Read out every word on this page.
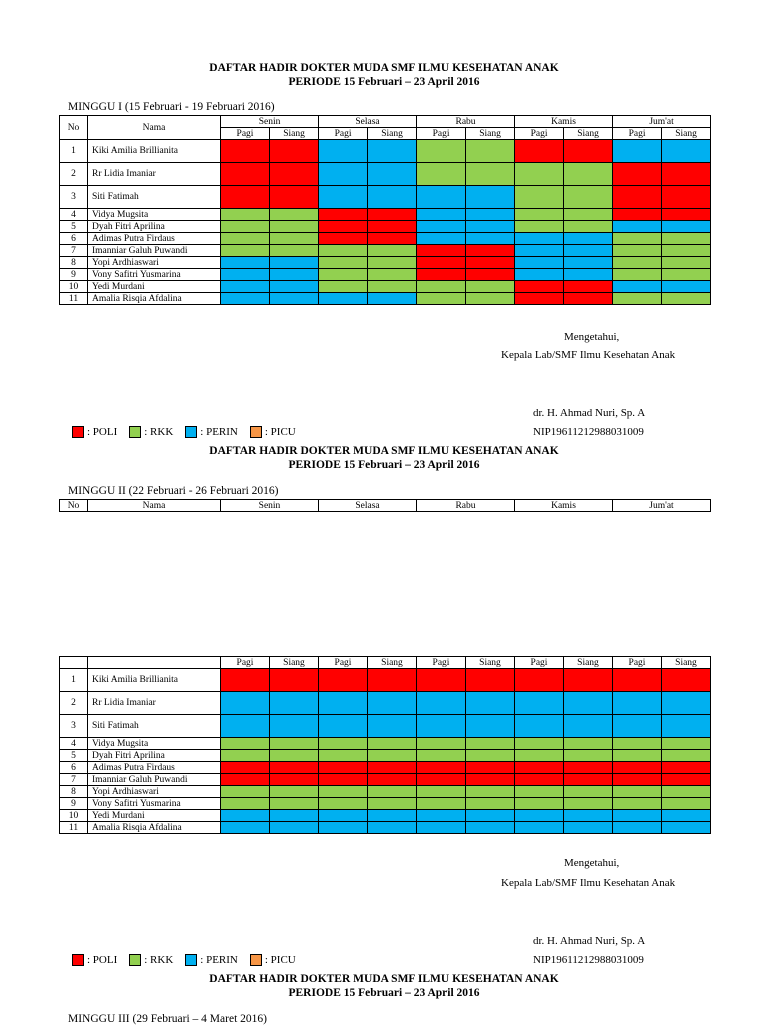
DAFTAR HADIR DOKTER MUDA SMF ILMU KESEHATAN ANAK
PERIODE 15 Februari – 23 April 2016
MINGGU I (15 Februari - 19 Februari 2016)
No	Nama	Senin		Selasa		Rabu		Kamis		Jum'at	
		Pagi	Siang	Pagi	Siang	Pagi	Siang	Pagi	Siang	Pagi	Siang
1	Kiki Amilia Brillianita										
2	Rr Lidia Imaniar										
3	Siti Fatimah										
4	Vidya Mugsita										
5	Dyah Fitri Aprilina										
6	Adimas Putra Firdaus										
7	Imanniar Galuh Puwandi										
8	Yopi Ardhiaswari										
9	Vony Safitri Yusmarina										
10	Yedi Murdani										
11	Amalia Risqia Afdalina										
Mengetahui,
Kepala Lab/SMF Ilmu Kesehatan Anak
dr. H. Ahmad Nuri, Sp. A
NIP196112129880310​09
: POLI : RKK : PERIN : PICU
DAFTAR HADIR DOKTER MUDA SMF ILMU KESEHATAN ANAK
PERIODE 15 Februari – 23 April 2016
MINGGU II (22 Februari - 26 Februari 2016)
No	Nama	Senin	Selasa	Rabu	Kamis	Jum'at
		Pagi	Siang	Pagi	Siang	Pagi	Siang	Pagi	Siang	Pagi	Siang
1	Kiki Amilia Brillianita										
2	Rr Lidia Imaniar										
3	Siti Fatimah										
4	Vidya Mugsita										
5	Dyah Fitri Aprilina										
6	Adimas Putra Firdaus										
7	Imanniar Galuh Puwandi										
8	Yopi Ardhiaswari										
9	Vony Safitri Yusmarina										
10	Yedi Murdani										
11	Amalia Risqia Afdalina										
Mengetahui,
Kepala Lab/SMF Ilmu Kesehatan Anak
dr. H. Ahmad Nuri, Sp. A
NIP196112129880310​09
: POLI : RKK : PERIN : PICU
DAFTAR HADIR DOKTER MUDA SMF ILMU KESEHATAN ANAK
PERIODE 15 Februari – 23 April 2016
MINGGU III (29 Februari – 4 Maret 2016)
